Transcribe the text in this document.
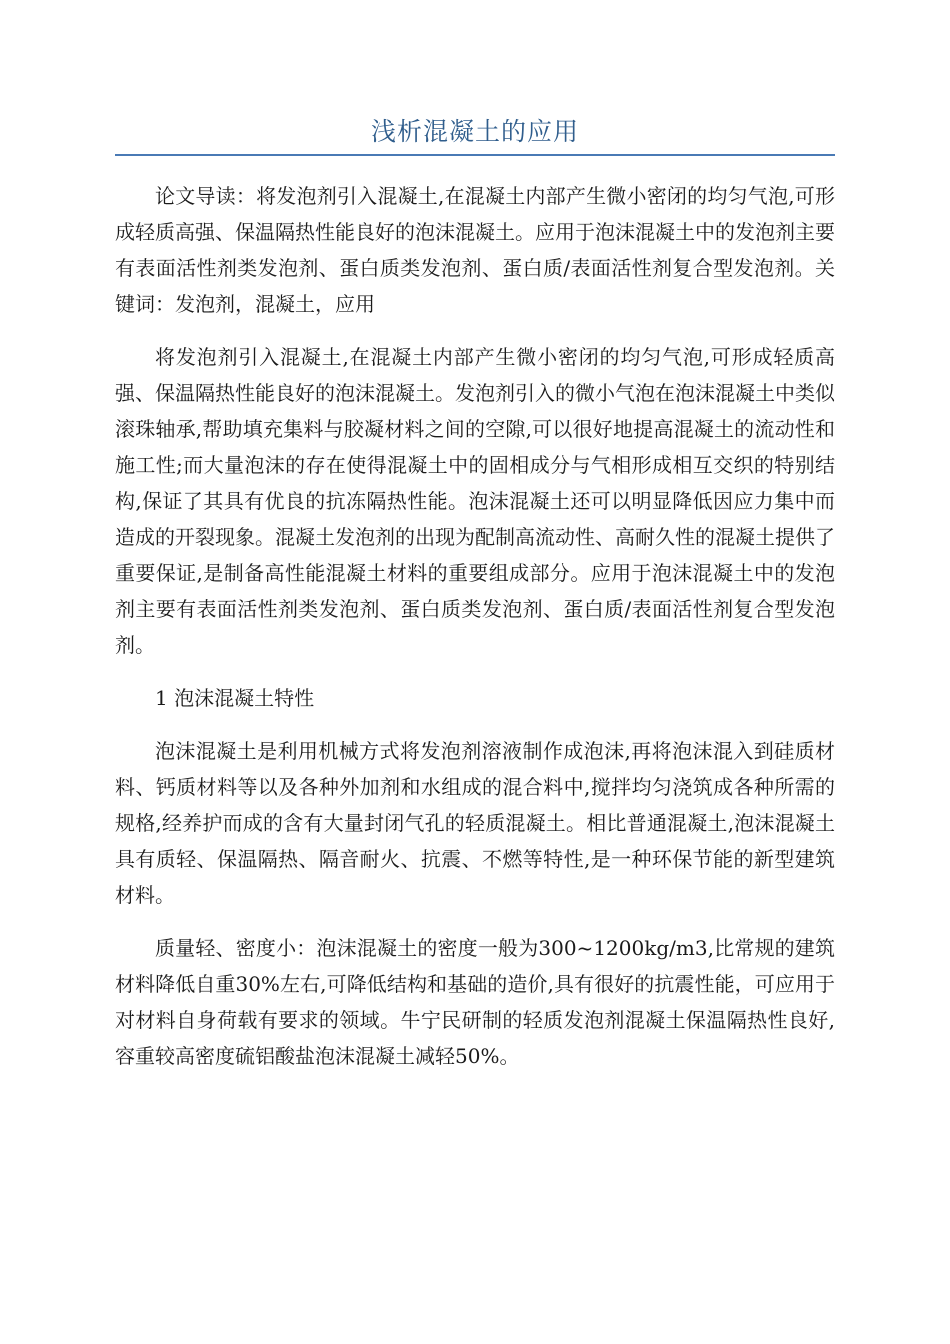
浅析混凝土的应用

论文导读：将发泡剂引入混凝土,在混凝土内部产生微小密闭的均匀气泡,可形成轻质高强、保温隔热性能良好的泡沫混凝土。应用于泡沫混凝土中的发泡剂主要有表面活性剂类发泡剂、蛋白质类发泡剂、蛋白质/表面活性剂复合型发泡剂。关键词：发泡剂，混凝土，应用

将发泡剂引入混凝土,在混凝土内部产生微小密闭的均匀气泡,可形成轻质高强、保温隔热性能良好的泡沫混凝土。发泡剂引入的微小气泡在泡沫混凝土中类似滚珠轴承,帮助填充集料与胶凝材料之间的空隙,可以很好地提高混凝土的流动性和施工性;而大量泡沫的存在使得混凝土中的固相成分与气相形成相互交织的特别结构,保证了其具有优良的抗冻隔热性能。泡沫混凝土还可以明显降低因应力集中而造成的开裂现象。混凝土发泡剂的出现为配制高流动性、高耐久性的混凝土提供了重要保证,是制备高性能混凝土材料的重要组成部分。应用于泡沫混凝土中的发泡剂主要有表面活性剂类发泡剂、蛋白质类发泡剂、蛋白质/表面活性剂复合型发泡剂。

1 泡沫混凝土特性

泡沫混凝土是利用机械方式将发泡剂溶液制作成泡沫,再将泡沫混入到硅质材料、钙质材料等以及各种外加剂和水组成的混合料中,搅拌均匀浇筑成各种所需的规格,经养护而成的含有大量封闭气孔的轻质混凝土。相比普通混凝土,泡沫混凝土具有质轻、保温隔热、隔音耐火、抗震、不燃等特性,是一种环保节能的新型建筑材料。

质量轻、密度小：泡沫混凝土的密度一般为300~1200kg/m3,比常规的建筑材料降低自重30%左右,可降低结构和基础的造价,具有很好的抗震性能，可应用于对材料自身荷载有要求的领域。牛宁民研制的轻质发泡剂混凝土保温隔热性良好,容重较高密度硫铝酸盐泡沫混凝土减轻50%。
